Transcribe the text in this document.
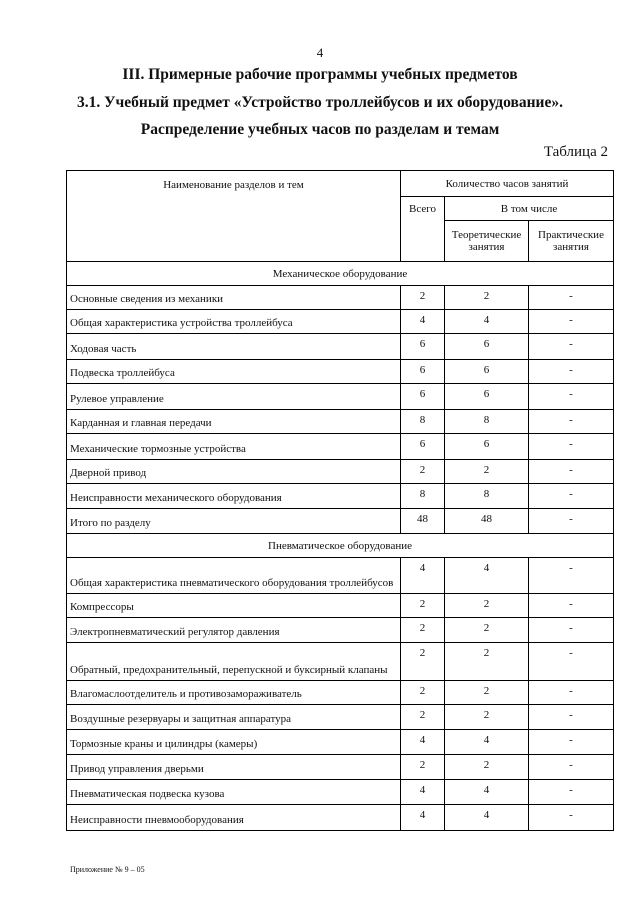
4
III. Примерные рабочие программы учебных предметов
3.1. Учебный предмет «Устройство троллейбусов и их оборудование».
Распределение учебных часов по разделам и темам
Таблица 2
Наименование разделов и тем	Количество часов занятий		
	Всего	В том числе	
		Теоретические занятия	Практические занятия
Механическое оборудование			
Основные сведения из механики	2	2	-
Общая характеристика устройства троллейбуса	4	4	-
Ходовая часть	6	6	-
Подвеска троллейбуса	6	6	-
Рулевое управление	6	6	-
Карданная и главная передачи	8	8	-
Механические тормозные устройства	6	6	-
Дверной привод	2	2	-
Неисправности механического оборудования	8	8	-
Итого по разделу	48	48	-
Пневматическое оборудование			
Общая характеристика пневматического оборудования троллейбусов	4	4	-
Компрессоры	2	2	-
Электропневматический регулятор давления	2	2	-
Обратный, предохранительный, перепускной и буксирный клапаны	2	2	-
Влагомаслоотделитель и противозамораживатель	2	2	-
Воздушные резервуары и защитная аппаратура	2	2	-
Тормозные краны и цилиндры (камеры)	4	4	-
Привод управления дверьми	2	2	-
Пневматическая подвеска кузова	4	4	-
Неисправности пневмооборудования	4	4	-
Приложение № 9 – 05
